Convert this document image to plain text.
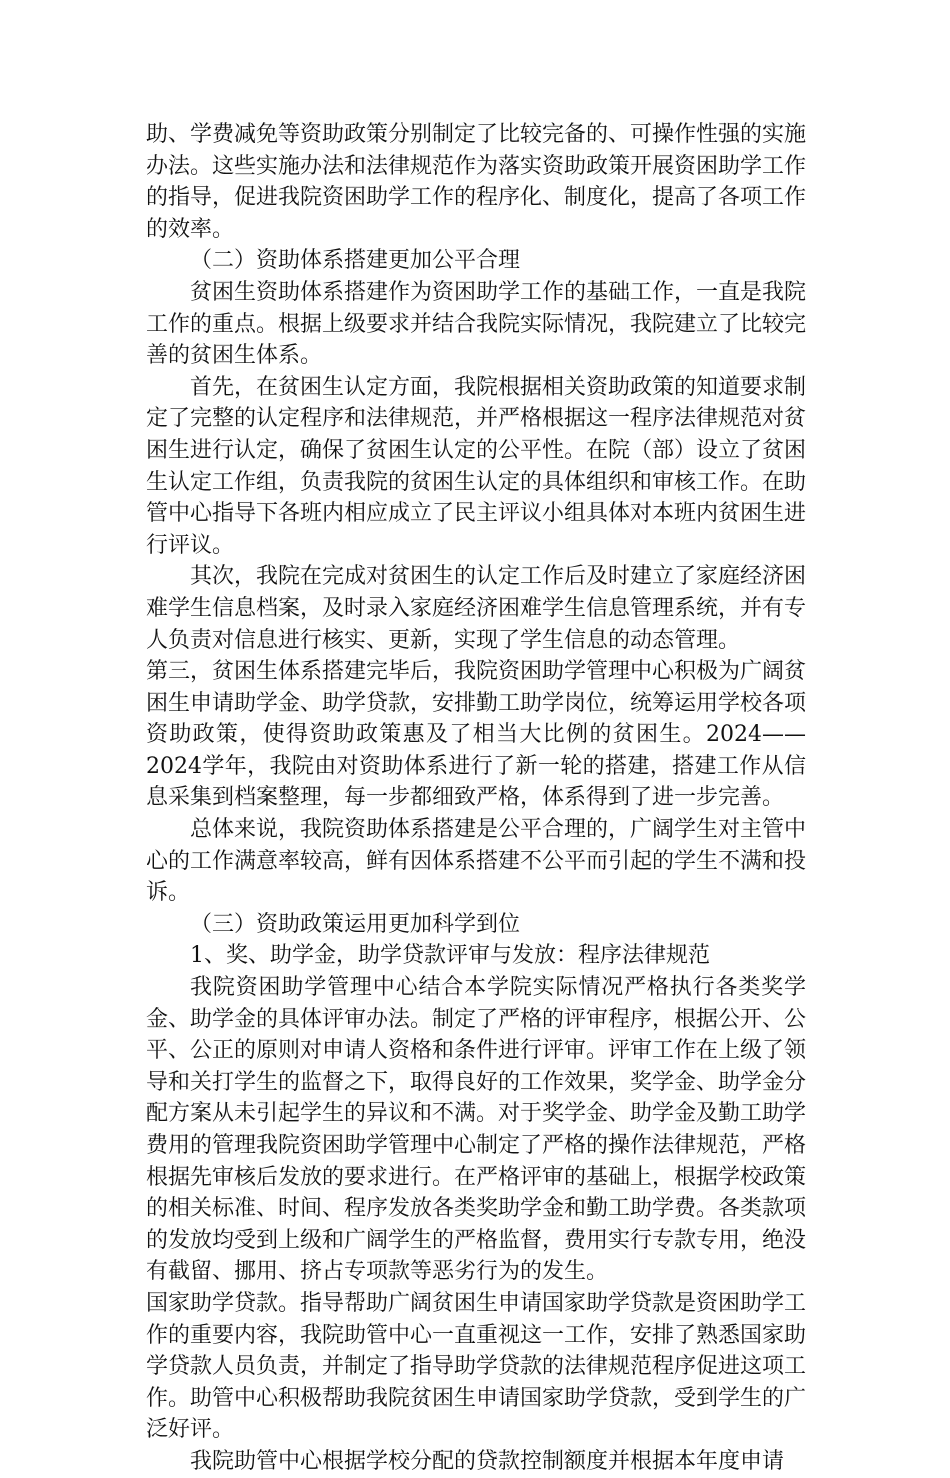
助、学费减免等资助政策分别制定了比较完备的、可操作性强的实施办法。这些实施办法和法律规范作为落实资助政策开展资困助学工作的指导，促进我院资困助学工作的程序化、制度化，提高了各项工作的效率。

（二）资助体系搭建更加公平合理

贫困生资助体系搭建作为资困助学工作的基础工作，一直是我院工作的重点。根据上级要求并结合我院实际情况，我院建立了比较完善的贫困生体系。

首先，在贫困生认定方面，我院根据相关资助政策的知道要求制定了完整的认定程序和法律规范，并严格根据这一程序法律规范对贫困生进行认定，确保了贫困生认定的公平性。在院（部）设立了贫困生认定工作组，负责我院的贫困生认定的具体组织和审核工作。在助管中心指导下各班内相应成立了民主评议小组具体对本班内贫困生进行评议。

其次，我院在完成对贫困生的认定工作后及时建立了家庭经济困难学生信息档案，及时录入家庭经济困难学生信息管理系统，并有专人负责对信息进行核实、更新，实现了学生信息的动态管理。

第三，贫困生体系搭建完毕后，我院资困助学管理中心积极为广阔贫困生申请助学金、助学贷款，安排勤工助学岗位，统筹运用学校各项资助政策，使得资助政策惠及了相当大比例的贫困生。2024——2024学年，我院由对资助体系进行了新一轮的搭建，搭建工作从信息采集到档案整理，每一步都细致严格，体系得到了进一步完善。

总体来说，我院资助体系搭建是公平合理的，广阔学生对主管中心的工作满意率较高，鲜有因体系搭建不公平而引起的学生不满和投诉。

（三）资助政策运用更加科学到位

1、奖、助学金，助学贷款评审与发放：程序法律规范

我院资困助学管理中心结合本学院实际情况严格执行各类奖学金、助学金的具体评审办法。制定了严格的评审程序，根据公开、公平、公正的原则对申请人资格和条件进行评审。评审工作在上级了领导和关打学生的监督之下，取得良好的工作效果，奖学金、助学金分配方案从未引起学生的异议和不满。对于奖学金、助学金及勤工助学费用的管理我院资困助学管理中心制定了严格的操作法律规范，严格根据先审核后发放的要求进行。在严格评审的基础上，根据学校政策的相关标准、时间、程序发放各类奖助学金和勤工助学费。各类款项的发放均受到上级和广阔学生的严格监督，费用实行专款专用，绝没有截留、挪用、挤占专项款等恶劣行为的发生。

国家助学贷款。指导帮助广阔贫困生申请国家助学贷款是资困助学工作的重要内容，我院助管中心一直重视这一工作，安排了熟悉国家助学贷款人员负责，并制定了指导助学贷款的法律规范程序促进这项工作。助管中心积极帮助我院贫困生申请国家助学贷款，受到学生的广泛好评。

我院助管中心根据学校分配的贷款控制额度并根据本年度申请
